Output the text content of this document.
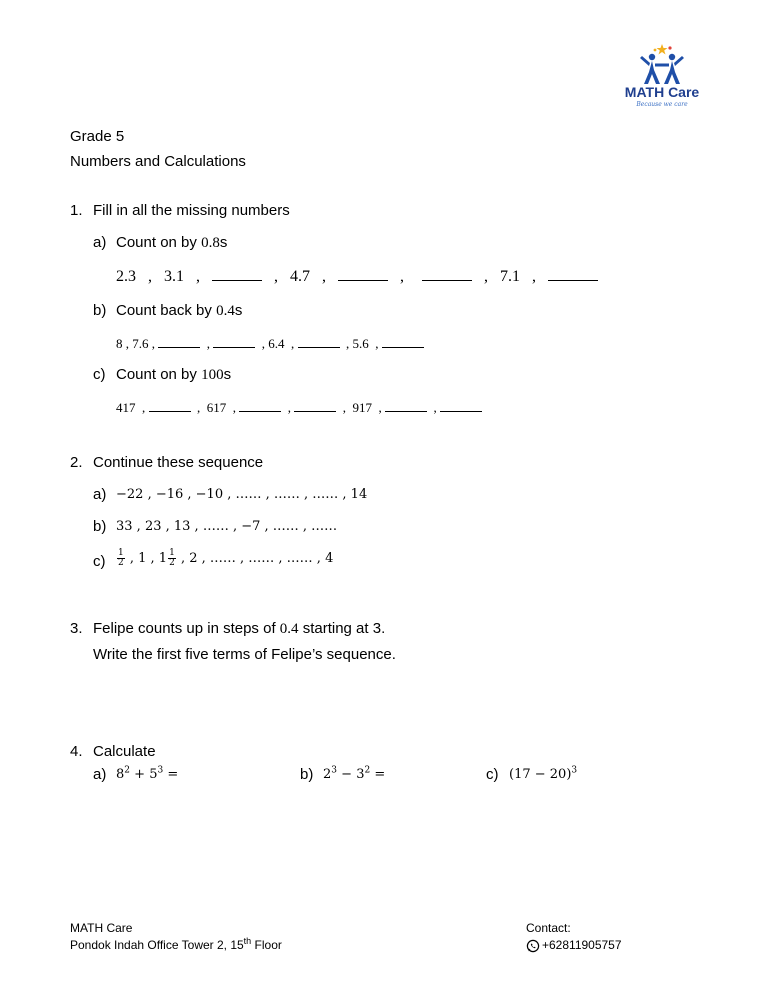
MATH Care
Because we care
Grade 5
Numbers and Calculations
1. Fill in all the missing numbers
a) Count on by 0.8s
2.3  ,  3.1  ,	,  4.7  ,	,	,  7.1  ,
b) Count back by 0.4s
8 , 7.6 ,	,	, 6.4  ,	, 5.6  ,
c) Count on by 100s
417  ,	,  617  ,	,	,  917  ,	,
2. Continue these sequence
a) −22 , −16 , −10 , …… , …… , …… , 14
b) 33 , 23 , 13 , …… , −7 , …… , ……
$c) \frac{1}{2}$ , 1 , $1 \frac{1}{2}$ , 2 , …… , …… , …… , 4
3. Felipe counts up in steps of 0.4 starting at 3.
Write the first five terms of Felipe’s sequence.
4. Calculate
a) $8^2 + 5^3$ =	b) $2^3 - 3^2$ =	c) $(17 - 20)^3$
MATH Care
Pondok Indah Office Tower 2, 15th Floor
Contact:
+62811905757
